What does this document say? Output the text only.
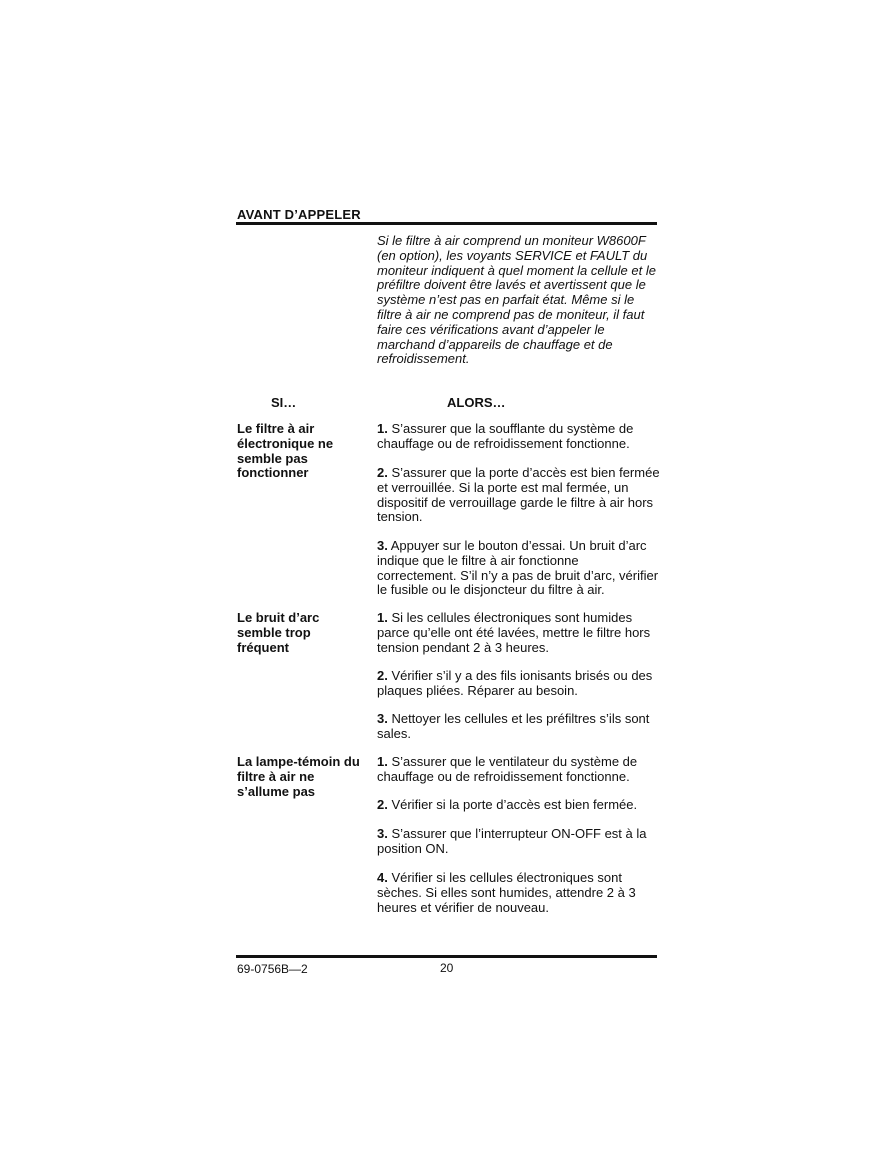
AVANT D’APPELER
Si le filtre à air comprend un moniteur W8600F (en option), les voyants SERVICE et FAULT du moniteur indiquent à quel moment la cellule et le préfiltre doivent être lavés et avertissent que le système n’est pas en parfait état. Même si le filtre à air ne comprend pas de moniteur, il faut faire ces vérifications avant d’appeler le marchand d’appareils de chauffage et de refroidissement.
SI…	ALORS…
Le filtre à air électronique ne semble pas fonctionner
1. S’assurer que la soufflante du système de chauffage ou de refroidissement fonctionne.
2. S’assurer que la porte d’accès est bien fermée et verrouillée. Si la porte est mal fermée, un dispositif de verrouillage garde le filtre à air hors tension.
3. Appuyer sur le bouton d’essai. Un bruit d’arc indique que le filtre à air fonctionne correctement. S’il n’y a pas de bruit d’arc, vérifier le fusible ou le disjoncteur du filtre à air.
Le bruit d’arc semble trop fréquent
1. Si les cellules électroniques sont humides parce qu’elle ont été lavées, mettre le filtre hors tension pendant 2 à 3 heures.
2. Vérifier s’il y a des fils ionisants brisés ou des plaques pliées. Réparer au besoin.
3. Nettoyer les cellules et les préfiltres s’ils sont sales.
La lampe-témoin du filtre à air ne s’allume pas
1. S’assurer que le ventilateur du système de chauffage ou de refroidissement fonctionne.
2. Vérifier si la porte d’accès est bien fermée.
3. S’assurer que l’interrupteur ON-OFF est à la position ON.
4. Vérifier si les cellules électroniques sont sèches. Si elles sont humides, attendre 2 à 3 heures et vérifier de nouveau.
69-0756B—2	20
